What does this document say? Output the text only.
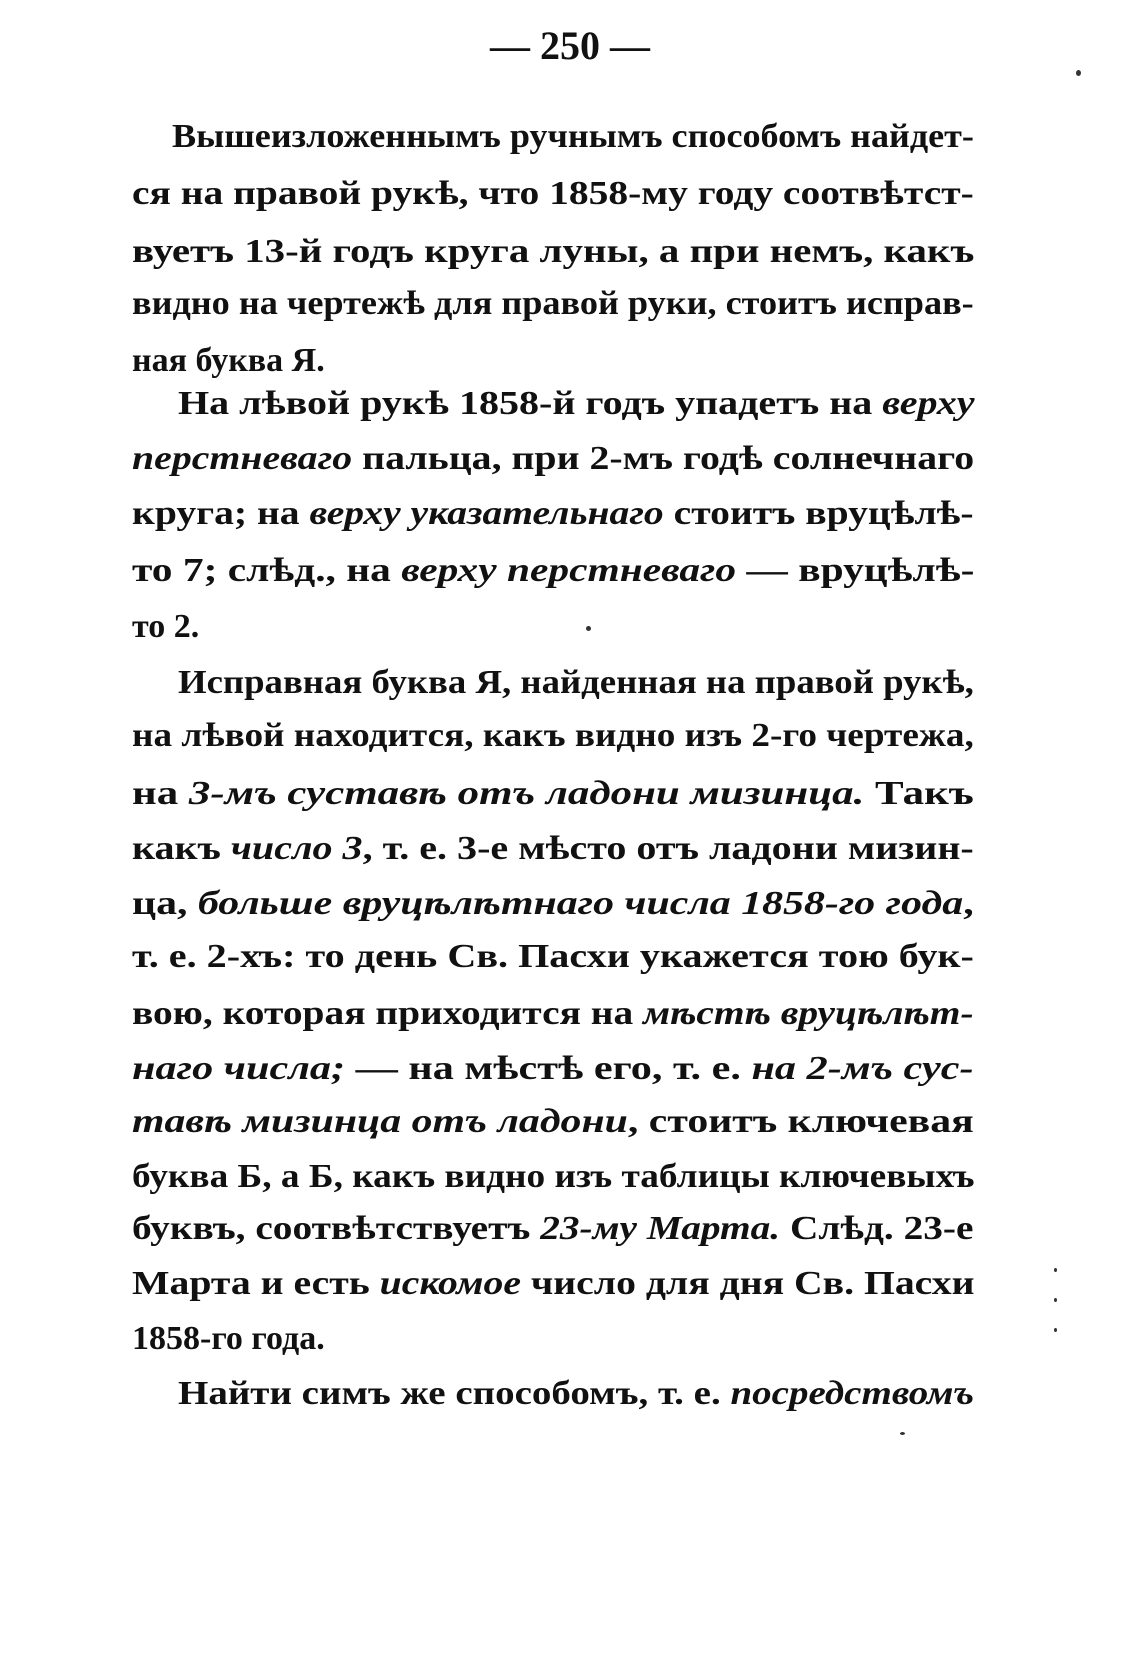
— 250 —
Вышеизложеннымъ ручнымъ способомъ найдет-
ся на правой рукѣ, что 1858-му году соотвѣтст-
вуетъ 13-й годъ круга луны, а при немъ, какъ
видно на чертежѣ для правой руки, стоитъ исправ-
ная буква Я.
На лѣвой рукѣ 1858-й годъ упадетъ на верху
перстневаго пальца, при 2-мъ годѣ солнечнаго
круга; на верху указательнаго стоитъ вруцѣлѣ-
то 7; слѣд., на верху перстневаго — вруцѣлѣ-
то 2.
Исправная буква Я, найденная на правой рукѣ,
на лѣвой находится, какъ видно изъ 2-го чертежа,
на 3-мъ суставѣ отъ ладони мизинца. Такъ
какъ число 3, т. е. 3-е мѣсто отъ ладони мизин-
ца, больше вруцѣлѣтнаго числа 1858-го года,
т. е. 2-хъ: то день Св. Пасхи укажется тою бук-
вою, которая приходится на мѣстѣ вруцѣлѣт-
наго числа; — на мѣстѣ его, т. е. на 2-мъ сус-
тавѣ мизинца отъ ладони, стоитъ ключевая
буква Б, а Б, какъ видно изъ таблицы ключевыхъ
буквъ, соотвѣтствуетъ 23-му Марта. Слѣд. 23-е
Марта и есть искомое число для дня Св. Пасхи
1858-го года.
Найти симъ же способомъ, т. е. посредствомъ
